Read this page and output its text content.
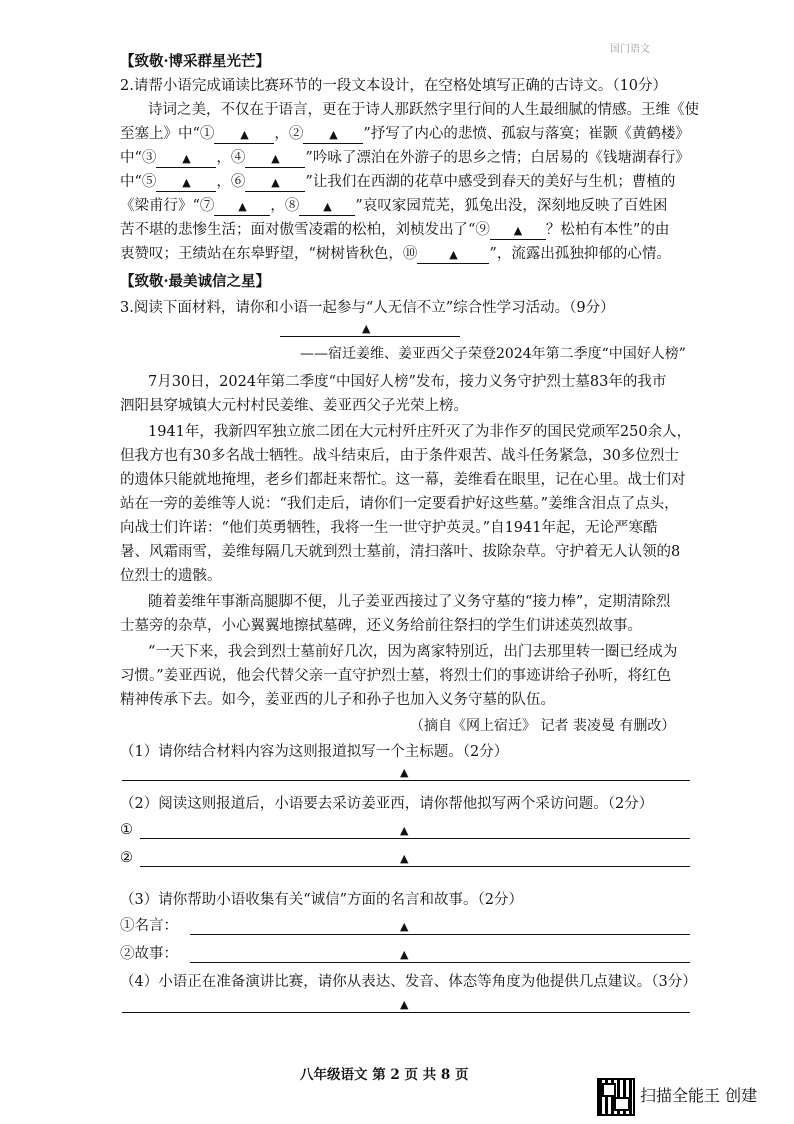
国门语文
【致敬·博采群星光芒】
2.请帮小语完成诵读比赛环节的一段文本设计，在空格处填写正确的古诗文。（10分）
诗词之美，不仅在于语言，更在于诗人那跃然字里行间的人生最细腻的情感。王维《使
至塞上》中“① ▲ ，② ▲ ”抒写了内心的悲愤、孤寂与落寞；崔颢《黄鹤楼》
中“③ ▲ ，④ ▲ ”吟咏了漂泊在外游子的思乡之情；白居易的《钱塘湖春行》
中“⑤ ▲ ，⑥ ▲ ”让我们在西湖的花草中感受到春天的美好与生机；曹植的
《梁甫行》“⑦ ▲ ，⑧ ▲ ”哀叹家园荒芜，狐兔出没，深刻地反映了百姓困
苦不堪的悲惨生活；面对傲雪凌霜的松柏，刘桢发出了“⑨ ▲ ？松柏有本性”的由
衷赞叹；王绩站在东皋野望，“树树皆秋色，⑩	▲ ”，流露出孤独抑郁的心情。
【致敬·最美诚信之星】
3.阅读下面材料，请你和小语一起参与“人无信不立”综合性学习活动。（9分）
▲
——宿迁姜维、姜亚西父子荣登2024年第二季度“中国好人榜”
7月30日，2024年第二季度“中国好人榜”发布，接力义务守护烈士墓83年的我市
泗阳县穿城镇大元村村民姜维、姜亚西父子光荣上榜。
1941年，我新四军独立旅二团在大元村歼庄歼灭了为非作歹的国民党顽军250余人，
但我方也有30多名战士牺牲。战斗结束后，由于条件艰苦、战斗任务紧急，30多位烈士
的遗体只能就地掩埋，老乡们都赶来帮忙。这一幕，姜维看在眼里，记在心里。战士们对
站在一旁的姜维等人说：“我们走后，请你们一定要看护好这些墓。”姜维含泪点了点头，
向战士们许诺：“他们英勇牺牲，我将一生一世守护英灵。”自1941年起，无论严寒酷
暑、风霜雨雪，姜维每隔几天就到烈士墓前，清扫落叶、拔除杂草。守护着无人认领的8
位烈士的遗骸。
随着姜维年事渐高腿脚不便，儿子姜亚西接过了义务守墓的“接力棒”，定期清除烈
士墓旁的杂草，小心翼翼地擦拭墓碑，还义务给前往祭扫的学生们讲述英烈故事。
“一天下来，我会到烈士墓前好几次，因为离家特别近，出门去那里转一圈已经成为
习惯。”姜亚西说，他会代替父亲一直守护烈士墓，将烈士们的事迹讲给子孙听，将红色
精神传承下去。如今，姜亚西的儿子和孙子也加入义务守墓的队伍。
（摘自《网上宿迁》 记者 裴凌曼 有删改）
（1）请你结合材料内容为这则报道拟写一个主标题。（2分）
▲
（2）阅读这则报道后，小语要去采访姜亚西，请你帮他拟写两个采访问题。（2分）
①	▲
②	▲
（3）请你帮助小语收集有关“诚信”方面的名言和故事。（2分）
①名言：	▲
②故事：	▲
（4）小语正在准备演讲比赛，请你从表达、发音、体态等角度为他提供几点建议。（3分）
▲
八年级语文 第 2 页 共 8 页
扫描全能王 创建
